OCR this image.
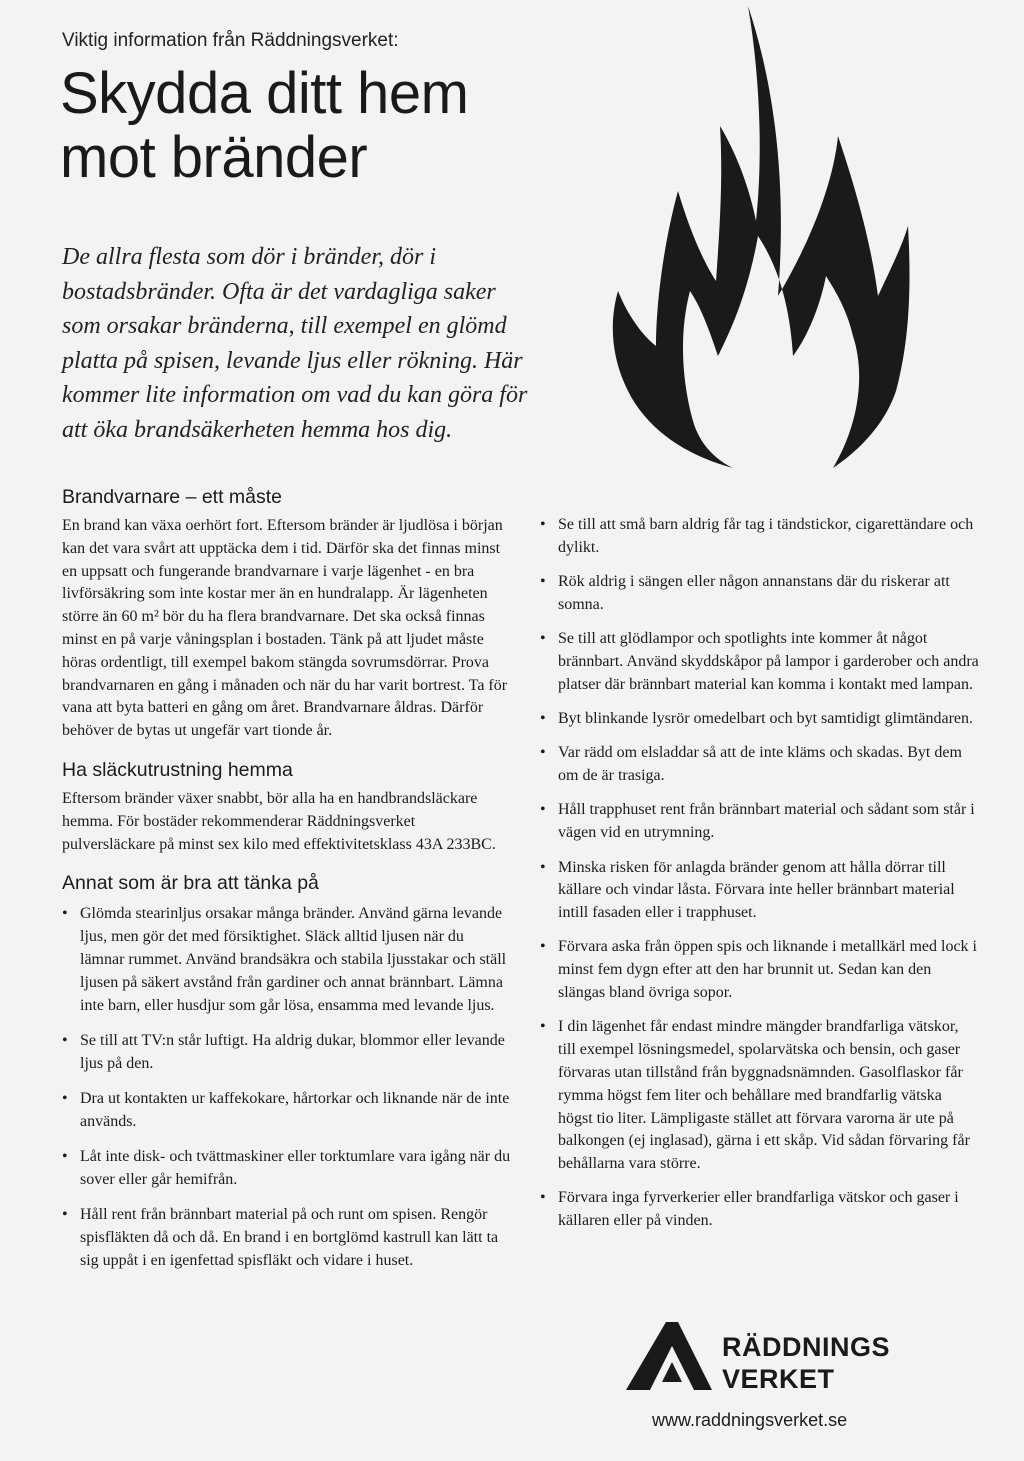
Viktig information från Räddningsverket:
Skydda ditt hem mot bränder

De allra flesta som dör i bränder, dör i bostadsbränder. Ofta är det vardagliga saker som orsakar bränderna, till exempel en glömd platta på spisen, levande ljus eller rökning. Här kommer lite information om vad du kan göra för att öka brandsäkerheten hemma hos dig.

Brandvarnare – ett måste

En brand kan växa oerhört fort. Eftersom bränder är ljudlösa i början kan det vara svårt att upptäcka dem i tid. Därför ska det finnas minst en uppsatt och fungerande brandvarnare i varje lägenhet - en bra livförsäkring som inte kostar mer än en hundralapp. Är lägenheten större än 60 m² bör du ha flera brandvarnare. Det ska också finnas minst en på varje våningsplan i bostaden. Tänk på att ljudet måste höras ordentligt, till exempel bakom stängda sovrumsdörrar. Prova brandvarnaren en gång i månaden och när du har varit bortrest. Ta för vana att byta batteri en gång om året. Brandvarnare åldras. Därför behöver de bytas ut ungefär vart tionde år.

Ha släckutrustning hemma

Eftersom bränder växer snabbt, bör alla ha en handbrandsläckare hemma. För bostäder rekommenderar Räddningsverket pulversläckare på minst sex kilo med effektivitetsklass 43A 233BC.

Annat som är bra att tänka på
• Glömda stearinljus orsakar många bränder. Använd gärna levande ljus, men gör det med försiktighet. Släck alltid ljusen när du lämnar rummet. Använd brandsäkra och stabila ljusstakar och ställ ljusen på säkert avstånd från gardiner och annat brännbart. Lämna inte barn, eller husdjur som går lösa, ensamma med levande ljus.
• Se till att TV:n står luftigt. Ha aldrig dukar, blommor eller levande ljus på den.
• Dra ut kontakten ur kaffekokare, hårtorkar och liknande när de inte används.
• Låt inte disk- och tvättmaskiner eller torktumlare vara igång när du sover eller går hemifrån.
• Håll rent från brännbart material på och runt om spisen. Rengör spisfläkten då och då. En brand i en bortglömd kastrull kan lätt ta sig uppåt i en igenfettad spisfläkt och vidare i huset.
• Se till att små barn aldrig får tag i tändstickor, cigarettändare och dylikt.
• Rök aldrig i sängen eller någon annanstans där du riskerar att somna.
• Se till att glödlampor och spotlights inte kommer åt något brännbart. Använd skyddskåpor på lampor i garderober och andra platser där brännbart material kan komma i kontakt med lampan.
• Byt blinkande lysrör omedelbart och byt samtidigt glimtändaren.
• Var rädd om elsladdar så att de inte kläms och skadas. Byt dem om de är trasiga.
• Håll trapphuset rent från brännbart material och sådant som står i vägen vid en utrymning.
• Minska risken för anlagda bränder genom att hålla dörrar till källare och vindar låsta. Förvara inte heller brännbart material intill fasaden eller i trapphuset.
• Förvara aska från öppen spis och liknande i metallkärl med lock i minst fem dygn efter att den har brunnit ut. Sedan kan den slängas bland övriga sopor.
• I din lägenhet får endast mindre mängder brandfarliga vätskor, till exempel lösningsmedel, spolarvätska och bensin, och gaser förvaras utan tillstånd från byggnadsnämnden. Gasolflaskor får rymma högst fem liter och behållare med brandfarlig vätska högst tio liter. Lämpligaste stället att förvara varorna är ute på balkongen (ej inglasad), gärna i ett skåp. Vid sådan förvaring får behållarna vara större.
• Förvara inga fyrverkerier eller brandfarliga vätskor och gaser i källaren eller på vinden.
RÄDDNINGS
VERKET
www.raddningsverket.se
